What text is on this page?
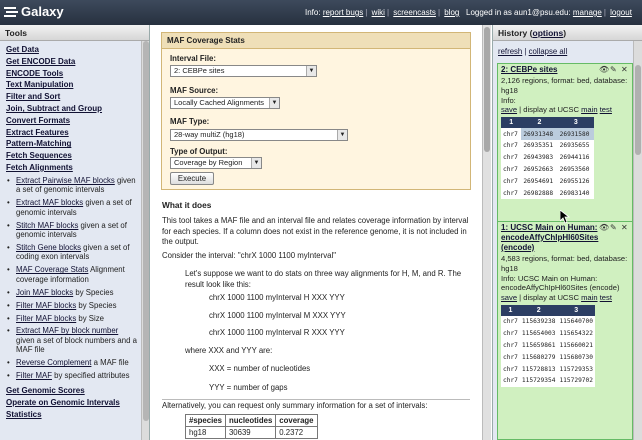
Galaxy	Info: report bugs | wiki | screencasts | blog Logged in as aun1@psu.edu: manage | logout
Tools
Get Data
Get ENCODE Data
ENCODE Tools
Text Manipulation
Filter and Sort
Join, Subtract and Group
Convert Formats
Extract Features
Pattern-Matching
Fetch Sequences
Fetch Alignments
• Extract Pairwise MAF blocks given a set of genomic intervals
• Extract MAF blocks given a set of genomic intervals
• Stitch MAF blocks given a set of genomic intervals
• Stitch Gene blocks given a set of coding exon intervals
• MAF Coverage Stats Alignment coverage information
• Join MAF blocks by Species
• Filter MAF blocks by Species
• Filter MAF blocks by Size
• Extract MAF by block number given a set of block numbers and a MAF file
• Reverse Complement a MAF file
• Filter MAF by specified attributes
Get Genomic Scores
Operate on Genomic Intervals
Statistics
MAF Coverage Stats
Interval File:
2: CEBPe sites	▼
MAF Source:
Locally Cached Alignments	▼
MAF Type:
28-way multiZ (hg18)	▼
Type of Output:
Coverage by Region	▼
Execute
What it does
This tool takes a MAF file and an interval file and relates coverage information by interval for each species. If a column does not exist in the reference genome, it is not included in the output.
Consider the interval: "chrX 1000 1100 myInterval"
Let's suppose we want to do stats on three way alignments for H, M, and R. The result look like this:
chrX 1000 1100 myInterval H XXX YYY
chrX 1000 1100 myInterval M XXX YYY
chrX 1000 1100 myInterval R XXX YYY
where XXX and YYY are:
XXX = number of nucleotides
YYY = number of gaps
Alternatively, you can request only summary information for a set of intervals:
#species	nucleotides	coverage
hg18	30639	0.2372
History (options)
refresh | collapse all
2: CEBPe sites	👁 ✎ ✕
2,126 regions, format: bed, database: hg18
Info:
save | display at UCSC main test
1	2	3
chr7	26931348	26931580
chr7	26935351	26935655
chr7	26943983	26944116
chr7	26952663	26953560
chr7	26954691	26955126
chr7	26982888	26983140
1: UCSC Main on Human: encodeAffyChIpHl60Sites (encode)
👁 ✎ ✕
4,583 regions, format: bed, database: hg18
Info: UCSC Main on Human: encodeAffyChIpHl60Sites (encode)
save | display at UCSC main test
1	2	3
chr7	115639238	115640700
chr7	115654003	115654322
chr7	115659861	115660021
chr7	115680279	115680730
chr7	115728813	115729353
chr7	115729354	115729702
